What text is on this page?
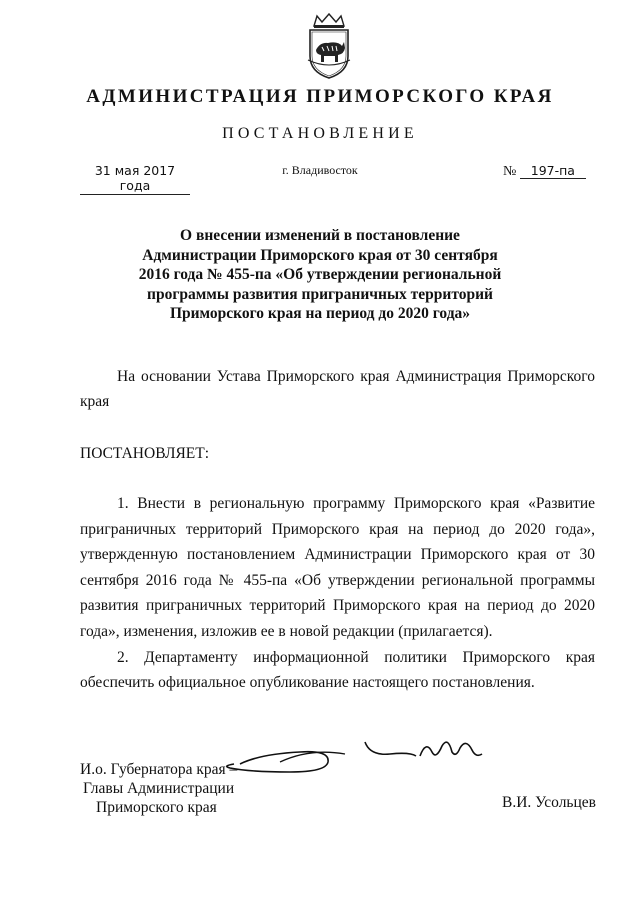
АДМИНИСТРАЦИЯ ПРИМОРСКОГО КРАЯ
ПОСТАНОВЛЕНИЕ
31 мая 2017 года
г. Владивосток	№ 197-па
О внесении изменений в постановление
Администрации Приморского края от 30 сентября
2016 года № 455-па «Об утверждении региональной
программы развития приграничных территорий
Приморского края на период до 2020 года»
На основании Устава Приморского края Администрация Приморского края
ПОСТАНОВЛЯЕТ:

1. Внести в региональную программу Приморского края «Развитие приграничных территорий Приморского края на период до 2020 года», утвержденную постановлением Администрации Приморского края от 30 сентября 2016 года № 455-па «Об утверждении региональной программы развития приграничных территорий Приморского края на период до 2020 года», изменения, изложив ее в новой редакции (прилагается).

2. Департаменту информационной политики Приморского края обеспечить официальное опубликование настоящего постановления.

И.о. Губернатора края –
Главы Администрации
Приморского края	В.И. Усольцев
